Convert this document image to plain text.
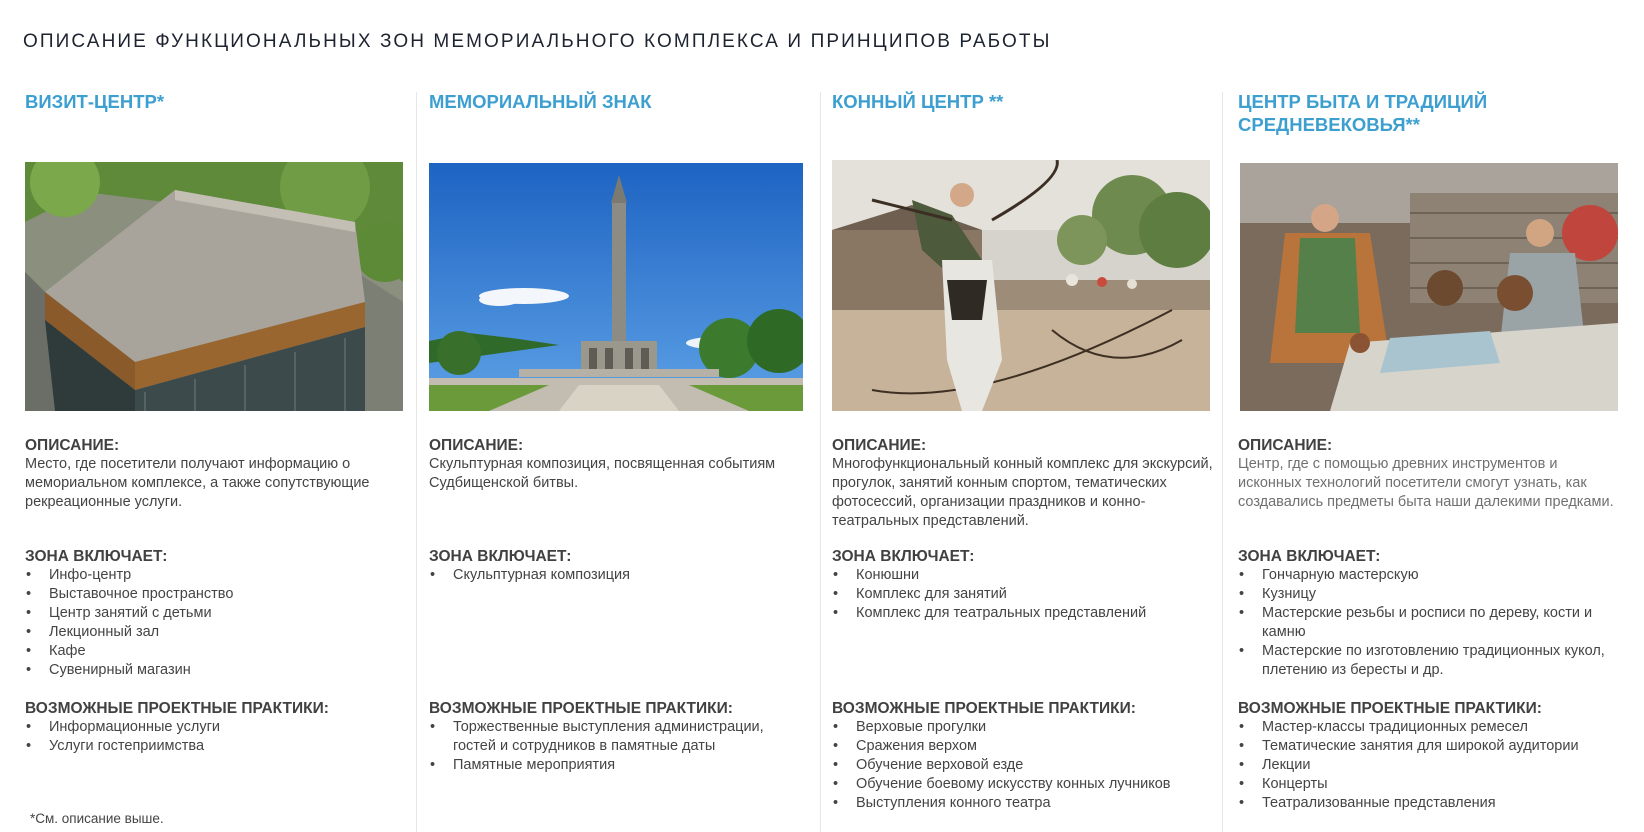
ОПИСАНИЕ ФУНКЦИОНАЛЬНЫХ ЗОН МЕМОРИАЛЬНОГО КОМПЛЕКСА И ПРИНЦИПОВ РАБОТЫ
ВИЗИТ-ЦЕНТР*
ОПИСАНИЕ:
Место, где посетители получают информацию о мемориальном комплексе, а также сопутствующие рекреационные услуги.
ЗОНА ВКЛЮЧАЕТ:
• Инфо-центр
• Выставочное пространство
• Центр занятий с детьми
• Лекционный зал
• Кафе
• Сувенирный магазин
ВОЗМОЖНЫЕ ПРОЕКТНЫЕ ПРАКТИКИ:
• Информационные услуги
• Услуги гостеприимства
МЕМОРИАЛЬНЫЙ ЗНАК
ОПИСАНИЕ:
Скульптурная композиция, посвященная событиям Судбищенской битвы.
ЗОНА ВКЛЮЧАЕТ:
• Скульптурная композиция
ВОЗМОЖНЫЕ ПРОЕКТНЫЕ ПРАКТИКИ:
• Торжественные выступления администрации, гостей и сотрудников в памятные даты
• Памятные мероприятия
КОННЫЙ ЦЕНТР **
ОПИСАНИЕ:
Многофункциональный конный комплекс для экскурсий, прогулок, занятий конным спортом, тематических фотосессий, организации праздников и конно-театральных представлений.
ЗОНА ВКЛЮЧАЕТ:
• Конюшни
• Комплекс для занятий
• Комплекс для театральных представлений
ВОЗМОЖНЫЕ ПРОЕКТНЫЕ ПРАКТИКИ:
• Верховые прогулки
• Сражения верхом
• Обучение верховой езде
• Обучение боевому искусству конных лучников
• Выступления конного театра
ЦЕНТР БЫТА И ТРАДИЦИЙ СРЕДНЕВЕКОВЬЯ**
ОПИСАНИЕ:
Центр, где с помощью древних инструментов и исконных технологий посетители смогут узнать, как создавались предметы быта наши далекими предками.
ЗОНА ВКЛЮЧАЕТ:
• Гончарную мастерскую
• Кузницу
• Мастерские резьбы и росписи по дереву, кости и камню
• Мастерские по изготовлению традиционных кукол, плетению из бересты и др.
ВОЗМОЖНЫЕ ПРОЕКТНЫЕ ПРАКТИКИ:
• Мастер-классы традиционных ремесел
• Тематические занятия для широкой аудитории
• Лекции
• Концерты
• Театрализованные представления
*См. описание выше.
